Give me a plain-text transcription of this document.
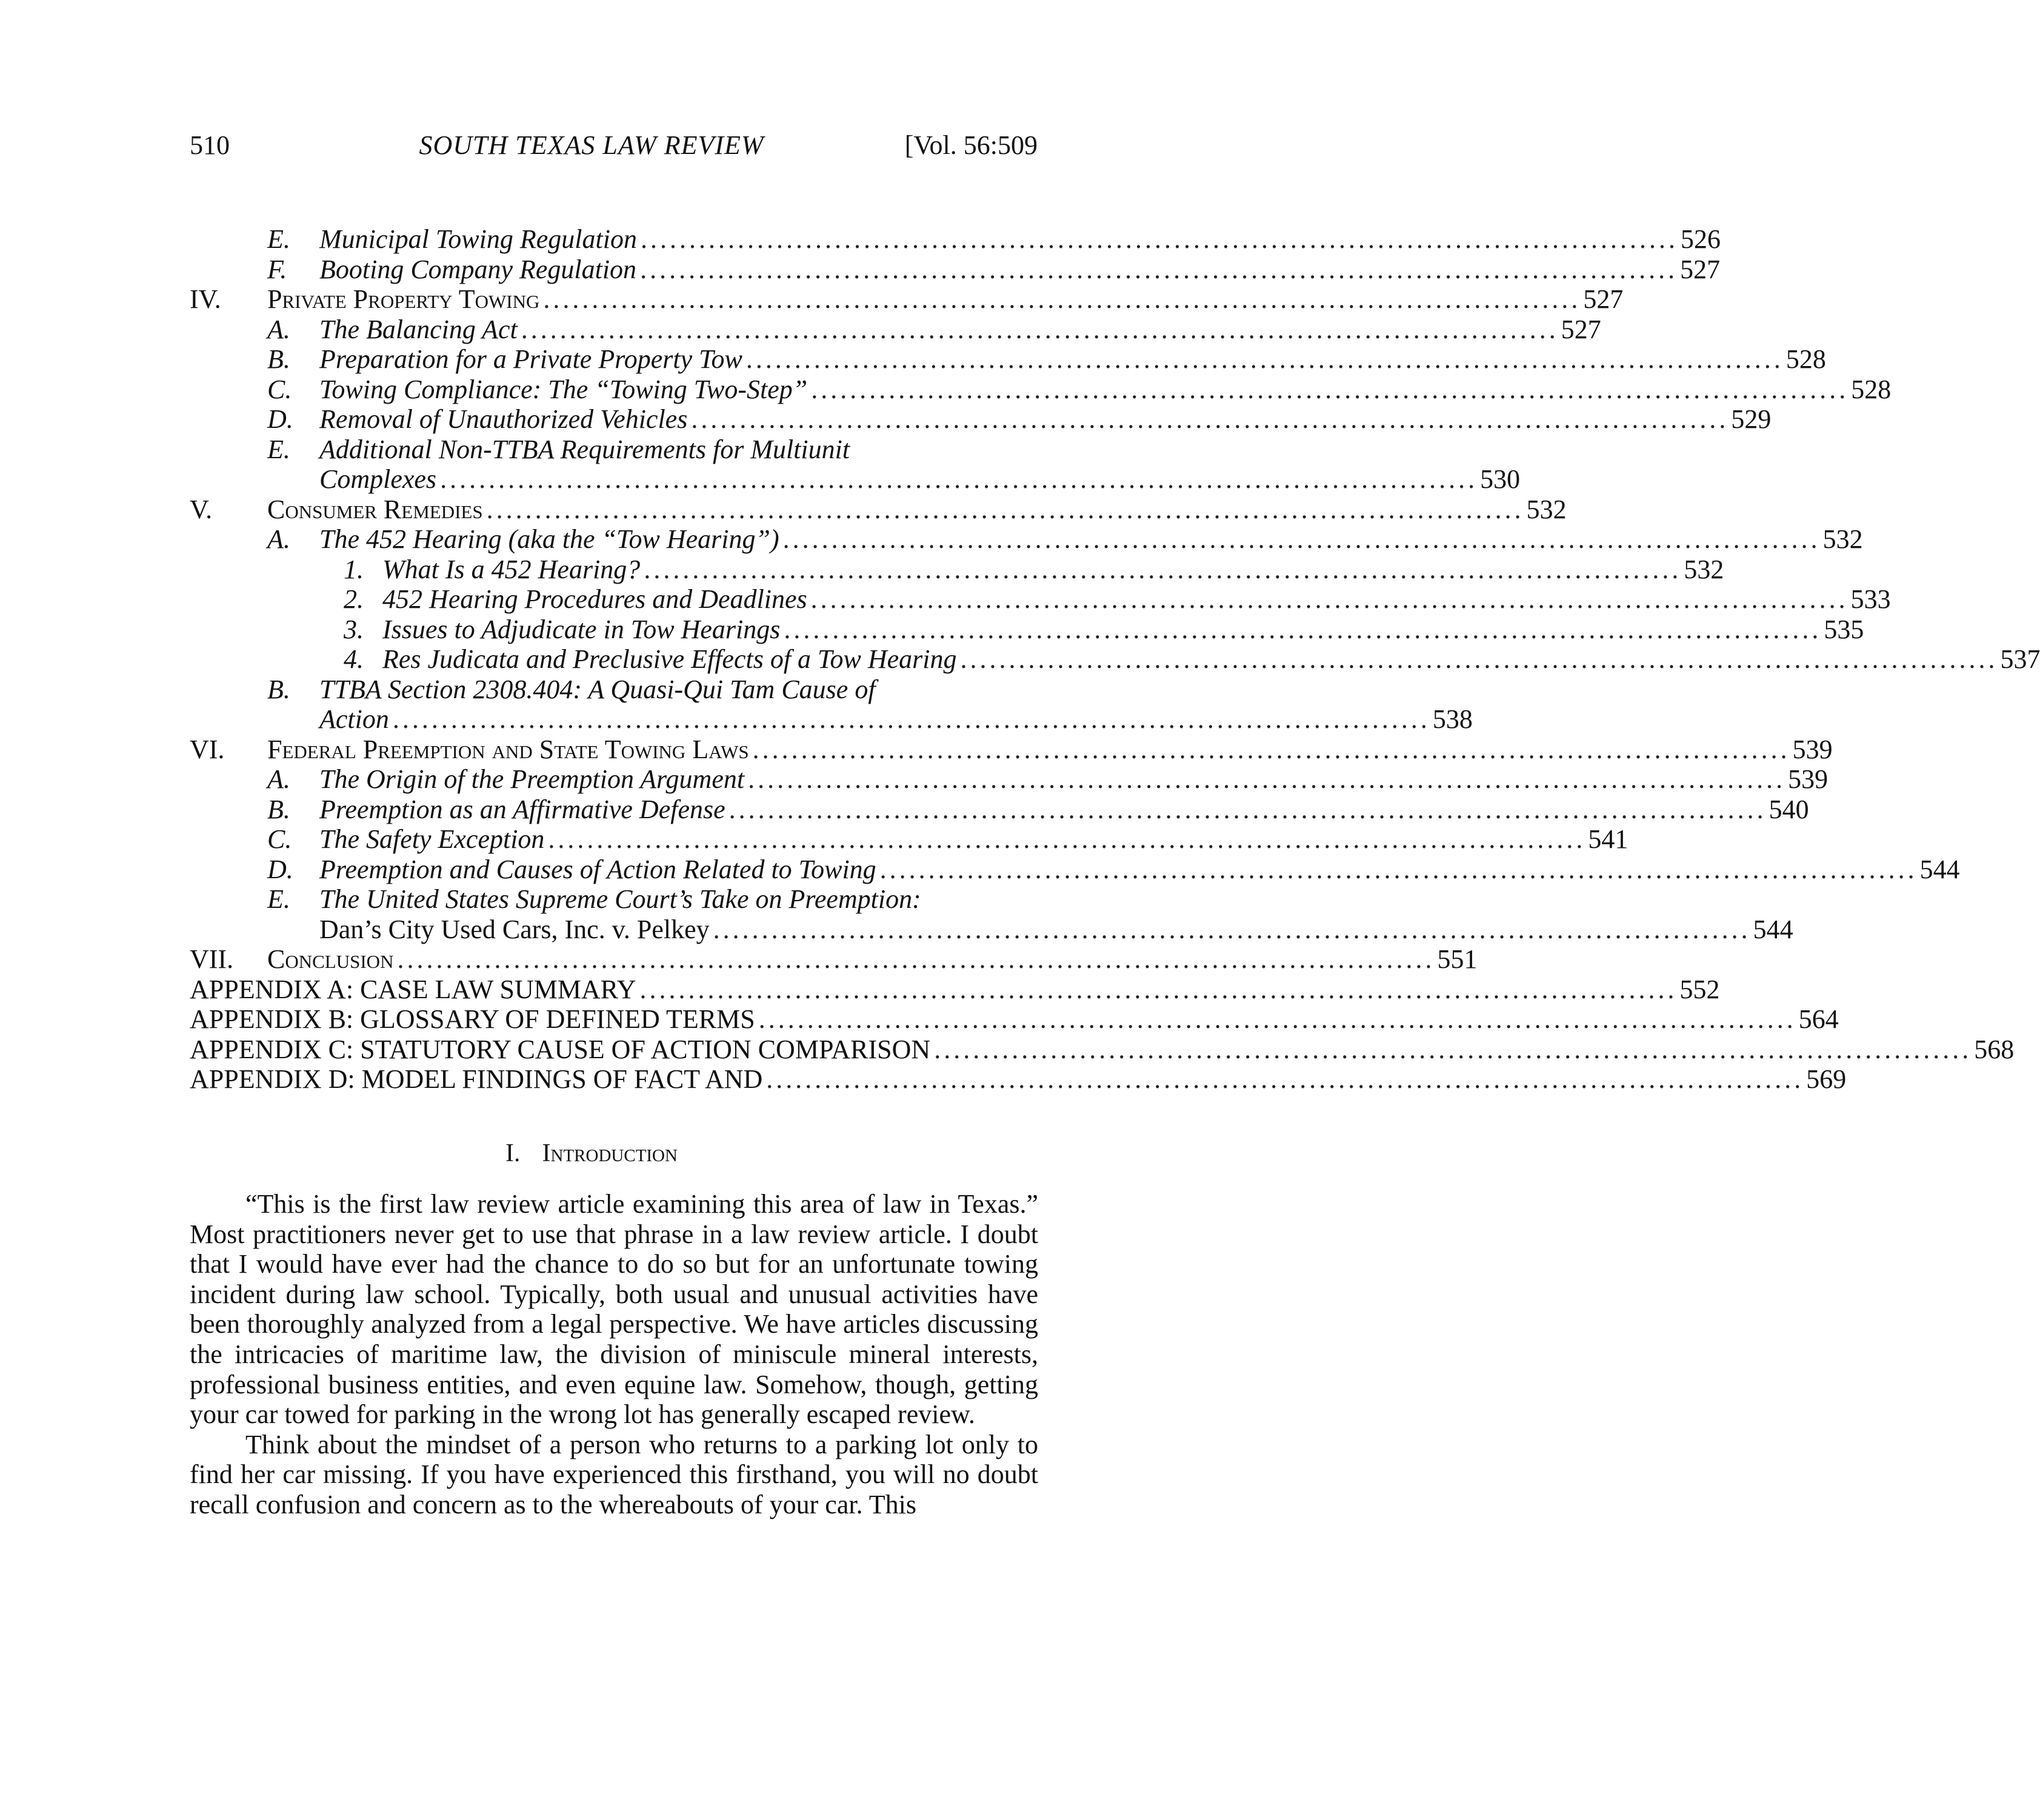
510	SOUTH TEXAS LAW REVIEW	[Vol. 56:509
E.	Municipal Towing Regulation . . .	526
F.	Booting Company Regulation . . .	527
IV.	Private Property Towing . . .	527
A.	The Balancing Act . . .	527
B.	Preparation for a Private Property Tow . . .	528
C.	Towing Compliance: The “Towing Two-Step” . . .	528
D. Removal of Unauthorized Vehicles . . .	529
E.	Additional Non-TTBA Requirements for Multiunit
Complexes . . .	530
V.	Consumer Remedies . . .	532
A.	The 452 Hearing (aka the “Tow Hearing”) . . .	532
1. What Is a 452 Hearing? . . .	532
2. 452 Hearing Procedures and Deadlines . . .	533
3. Issues to Adjudicate in Tow Hearings . . .	535
4. Res Judicata and Preclusive Effects of a Tow Hearing . . .	537
B.	TTBA Section 2308.404: A Quasi-Qui Tam Cause of
Action . . .	538
VI.	Federal Preemption and State Towing Laws . . .	539
A.	The Origin of the Preemption Argument . . .	539
B.	Preemption as an Affirmative Defense . . .	540
C.	The Safety Exception . . .	541
D. Preemption and Causes of Action Related to Towing . . .	544
E.	The United States Supreme Court’s Take on Preemption:
Dan’s City Used Cars, Inc. v. Pelkey . . .	544
VII.	Conclusion . . .	551
APPENDIX A: CASE LAW SUMMARY . . .	552
APPENDIX B: GLOSSARY OF DEFINED TERMS . . .	564
APPENDIX C: STATUTORY CAUSE OF ACTION COMPARISON . . .	568
APPENDIX D: MODEL FINDINGS OF FACT AND . . .	569
I. Introduction

“This is the first law review article examining this area of law in Texas.” Most practitioners never get to use that phrase in a law review article. I doubt that I would have ever had the chance to do so but for an unfortunate towing incident during law school. Typically, both usual and unusual activities have been thoroughly analyzed from a legal perspective. We have articles discussing the intricacies of maritime law, the division of miniscule mineral interests, professional business entities, and even equine law. Somehow, though, getting your car towed for parking in the wrong lot has generally escaped review.

Think about the mindset of a person who returns to a parking lot only to find her car missing. If you have experienced this firsthand, you will no doubt recall confusion and concern as to the whereabouts of your car. This
